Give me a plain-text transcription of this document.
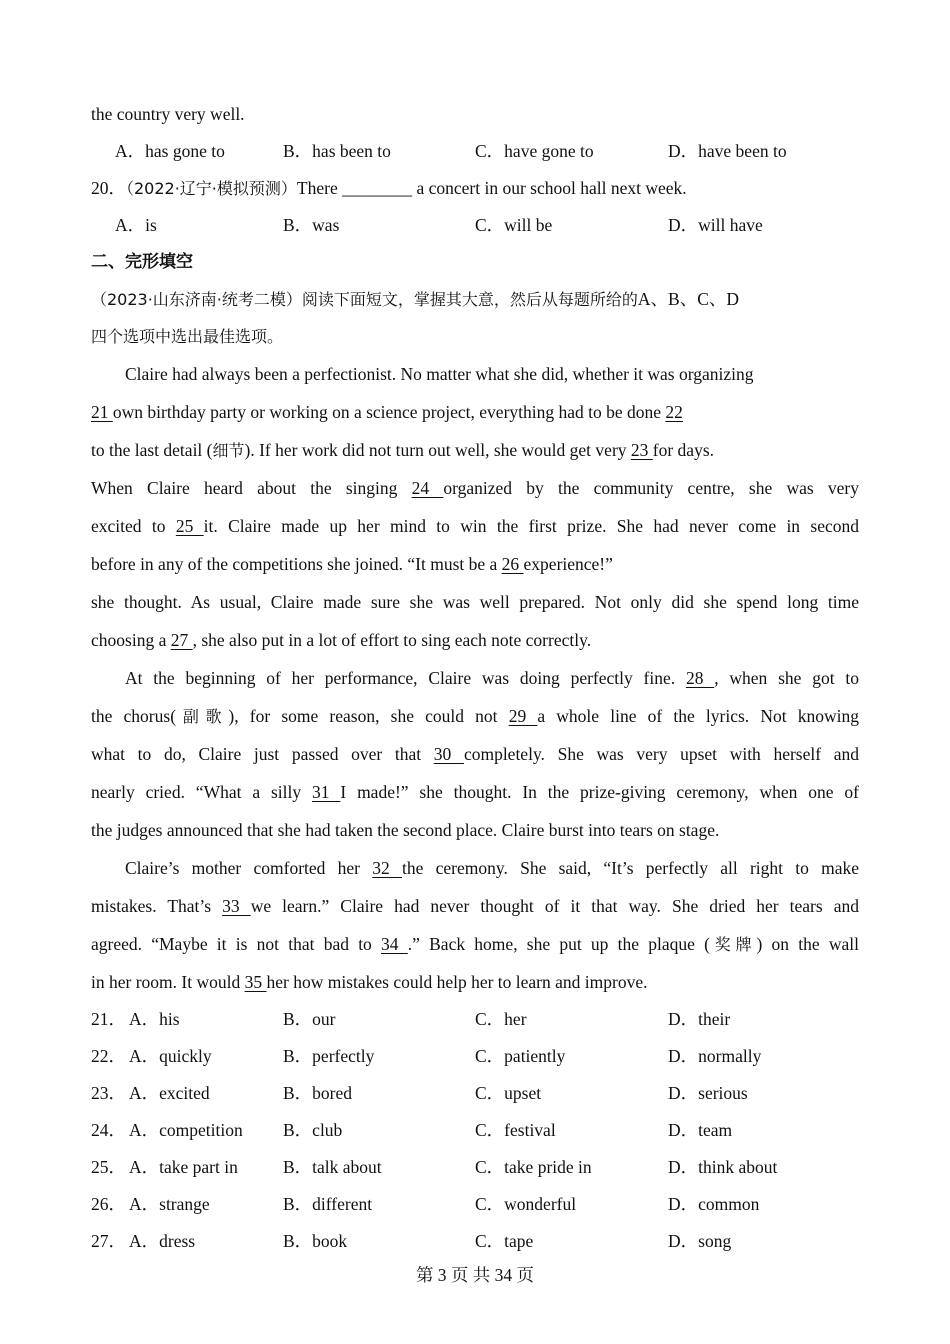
the country very well.
A．has gone to	B．has been to	C．have gone to	D．have been to
20．（2022·辽宁·模拟预测）There ________ a concert in our school hall next week.
A．is	B．was	C．will be	D．will have
二、完形填空
（2023·山东济南·统考二模）阅读下面短文，掌握其大意，然后从每题所给的A、B、C、D
四个选项中选出最佳选项。
Claire had always been a perfectionist. No matter what she did, whether it was organizing
21 own birthday party or working on a science project, everything had to be done 22
to the last detail (细节). If her work did not turn out well, she would get very 23 for days.
When Claire heard about the singing 24 organized by the community centre, she was very
excited to 25 it. Claire made up her mind to win the first prize. She had never come in second
before in any of the competitions she joined. “It must be a 26 experience!”
she thought. As usual, Claire made sure she was well prepared. Not only did she spend long time
choosing a 27 , she also put in a lot of effort to sing each note correctly.
At the beginning of her performance, Claire was doing perfectly fine. 28 , when she got to
the chorus(副歌), for some reason, she could not 29 a whole line of the lyrics. Not knowing
what to do, Claire just passed over that 30 completely. She was very upset with herself and
nearly cried. “What a silly 31 I made!” she thought. In the prize-giving ceremony, when one of
the judges announced that she had taken the second place. Claire burst into tears on stage.
Claire’s mother comforted her 32 the ceremony. She said, “It’s perfectly all right to make
mistakes. That’s 33 we learn.” Claire had never thought of it that way. She dried her tears and
agreed. “Maybe it is not that bad to 34 .” Back home, she put up the plaque (奖牌) on the wall
in her room. It would 35 her how mistakes could help her to learn and improve.
21． A．his	B．our	C．her	D．their
22． A．quickly	B．perfectly	C．patiently	D．normally
23． A．excited	B．bored	C．upset	D．serious
24． A．competition	B．club	C．festival	D．team
25． A．take part in	B．talk about	C．take pride in	D．think about
26． A．strange	B．different	C．wonderful	D．common
27． A．dress	B．book	C．tape	D．song
第 3 页 共 34 页
